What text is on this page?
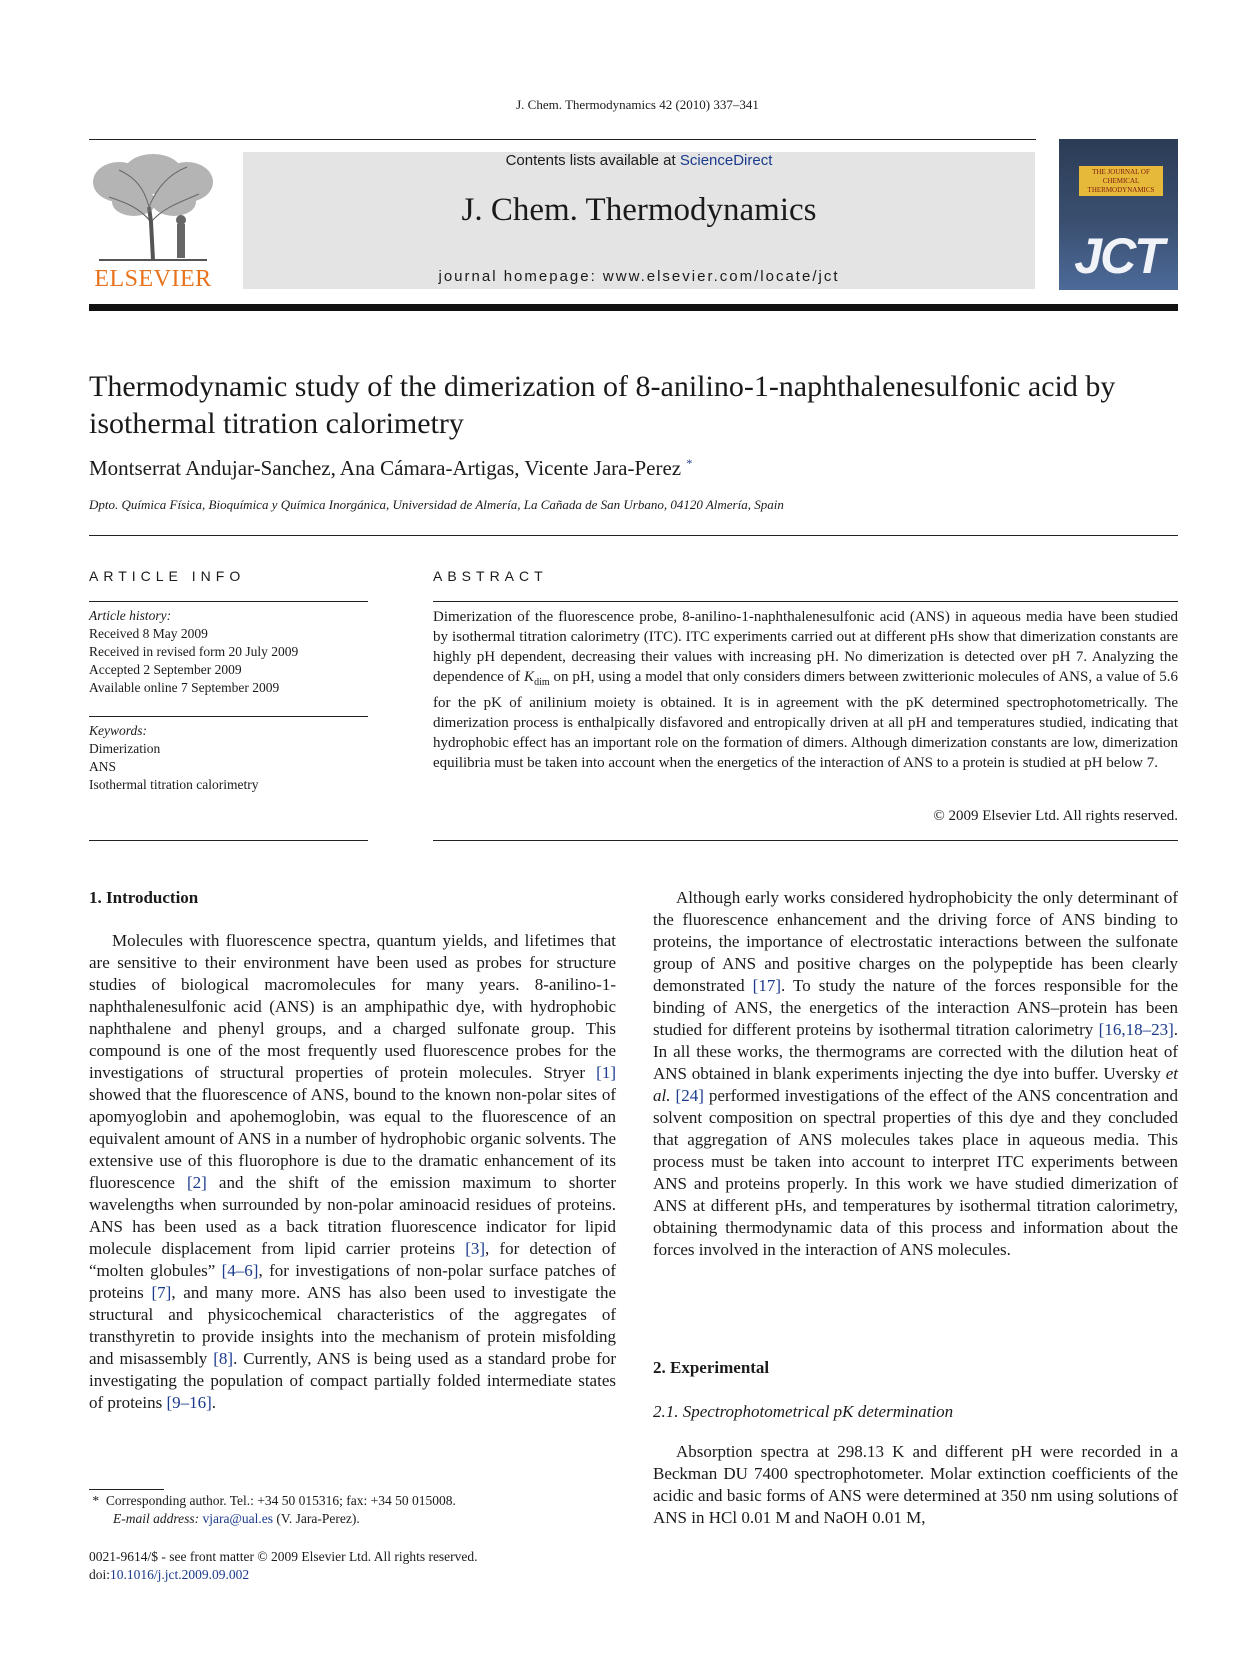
J. Chem. Thermodynamics 42 (2010) 337–341
ELSEVIER
Contents lists available at ScienceDirect
J. Chem. Thermodynamics
journal homepage: www.elsevier.com/locate/jct
THE JOURNAL OF CHEMICAL THERMODYNAMICS
JCT
Thermodynamic study of the dimerization of 8-anilino-1-naphthalenesulfonic acid by isothermal titration calorimetry
Montserrat Andujar-Sanchez, Ana Cámara-Artigas, Vicente Jara-Perez *
Dpto. Química Física, Bioquímica y Química Inorgánica, Universidad de Almería, La Cañada de San Urbano, 04120 Almería, Spain
ARTICLE INFO
Article history:
Received 8 May 2009
Received in revised form 20 July 2009
Accepted 2 September 2009
Available online 7 September 2009
Keywords:
Dimerization
ANS
Isothermal titration calorimetry
ABSTRACT
Dimerization of the fluorescence probe, 8-anilino-1-naphthalenesulfonic acid (ANS) in aqueous media have been studied by isothermal titration calorimetry (ITC). ITC experiments carried out at different pHs show that dimerization constants are highly pH dependent, decreasing their values with increasing pH. No dimerization is detected over pH 7. Analyzing the dependence of $K_{dim}$ on pH, using a model that only considers dimers between zwitterionic molecules of ANS, a value of 5.6 for the pK of anilinium moiety is obtained. It is in agreement with the pK determined spectrophotometrically. The dimerization process is enthalpically disfavored and entropically driven at all pH and temperatures studied, indicating that hydrophobic effect has an important role on the formation of dimers. Although dimerization constants are low, dimerization equilibria must be taken into account when the energetics of the interaction of ANS to a protein is studied at pH below 7.
© 2009 Elsevier Ltd. All rights reserved.
1. Introduction

Molecules with fluorescence spectra, quantum yields, and lifetimes that are sensitive to their environment have been used as probes for structure studies of biological macromolecules for many years. 8-anilino-1-naphthalenesulfonic acid (ANS) is an amphipathic dye, with hydrophobic naphthalene and phenyl groups, and a charged sulfonate group. This compound is one of the most frequently used fluorescence probes for the investigations of structural properties of protein molecules. Stryer [1] showed that the fluorescence of ANS, bound to the known non-polar sites of apomyoglobin and apohemoglobin, was equal to the fluorescence of an equivalent amount of ANS in a number of hydrophobic organic solvents. The extensive use of this fluorophore is due to the dramatic enhancement of its fluorescence [2] and the shift of the emission maximum to shorter wavelengths when surrounded by non-polar aminoacid residues of proteins. ANS has been used as a back titration fluorescence indicator for lipid molecule displacement from lipid carrier proteins [3], for detection of “molten globules” [4–6], for investigations of non-polar surface patches of proteins [7], and many more. ANS has also been used to investigate the structural and physicochemical characteristics of the aggregates of transthyretin to provide insights into the mechanism of protein misfolding and misassembly [8]. Currently, ANS is being used as a standard probe for investigating the population of compact partially folded intermediate states of proteins [9–16].

Although early works considered hydrophobicity the only determinant of the fluorescence enhancement and the driving force of ANS binding to proteins, the importance of electrostatic interactions between the sulfonate group of ANS and positive charges on the polypeptide has been clearly demonstrated [17]. To study the nature of the forces responsible for the binding of ANS, the energetics of the interaction ANS–protein has been studied for different proteins by isothermal titration calorimetry [16,18–23]. In all these works, the thermograms are corrected with the dilution heat of ANS obtained in blank experiments injecting the dye into buffer. Uversky et al. [24] performed investigations of the effect of the ANS concentration and solvent composition on spectral properties of this dye and they concluded that aggregation of ANS molecules takes place in aqueous media. This process must be taken into account to interpret ITC experiments between ANS and proteins properly. In this work we have studied dimerization of ANS at different pHs, and temperatures by isothermal titration calorimetry, obtaining thermodynamic data of this process and information about the forces involved in the interaction of ANS molecules.

2. Experimental
2.1. Spectrophotometrical pK determination

Absorption spectra at 298.13 K and different pH were recorded in a Beckman DU 7400 spectrophotometer. Molar extinction coefficients of the acidic and basic forms of ANS were determined at 350 nm using solutions of ANS in HCl 0.01 M and NaOH 0.01 M,

* Corresponding author. Tel.: +34 50 015316; fax: +34 50 015008.
E-mail address: vjara@ual.es (V. Jara-Perez).
0021-9614/$ - see front matter © 2009 Elsevier Ltd. All rights reserved.
doi:10.1016/j.jct.2009.09.002
